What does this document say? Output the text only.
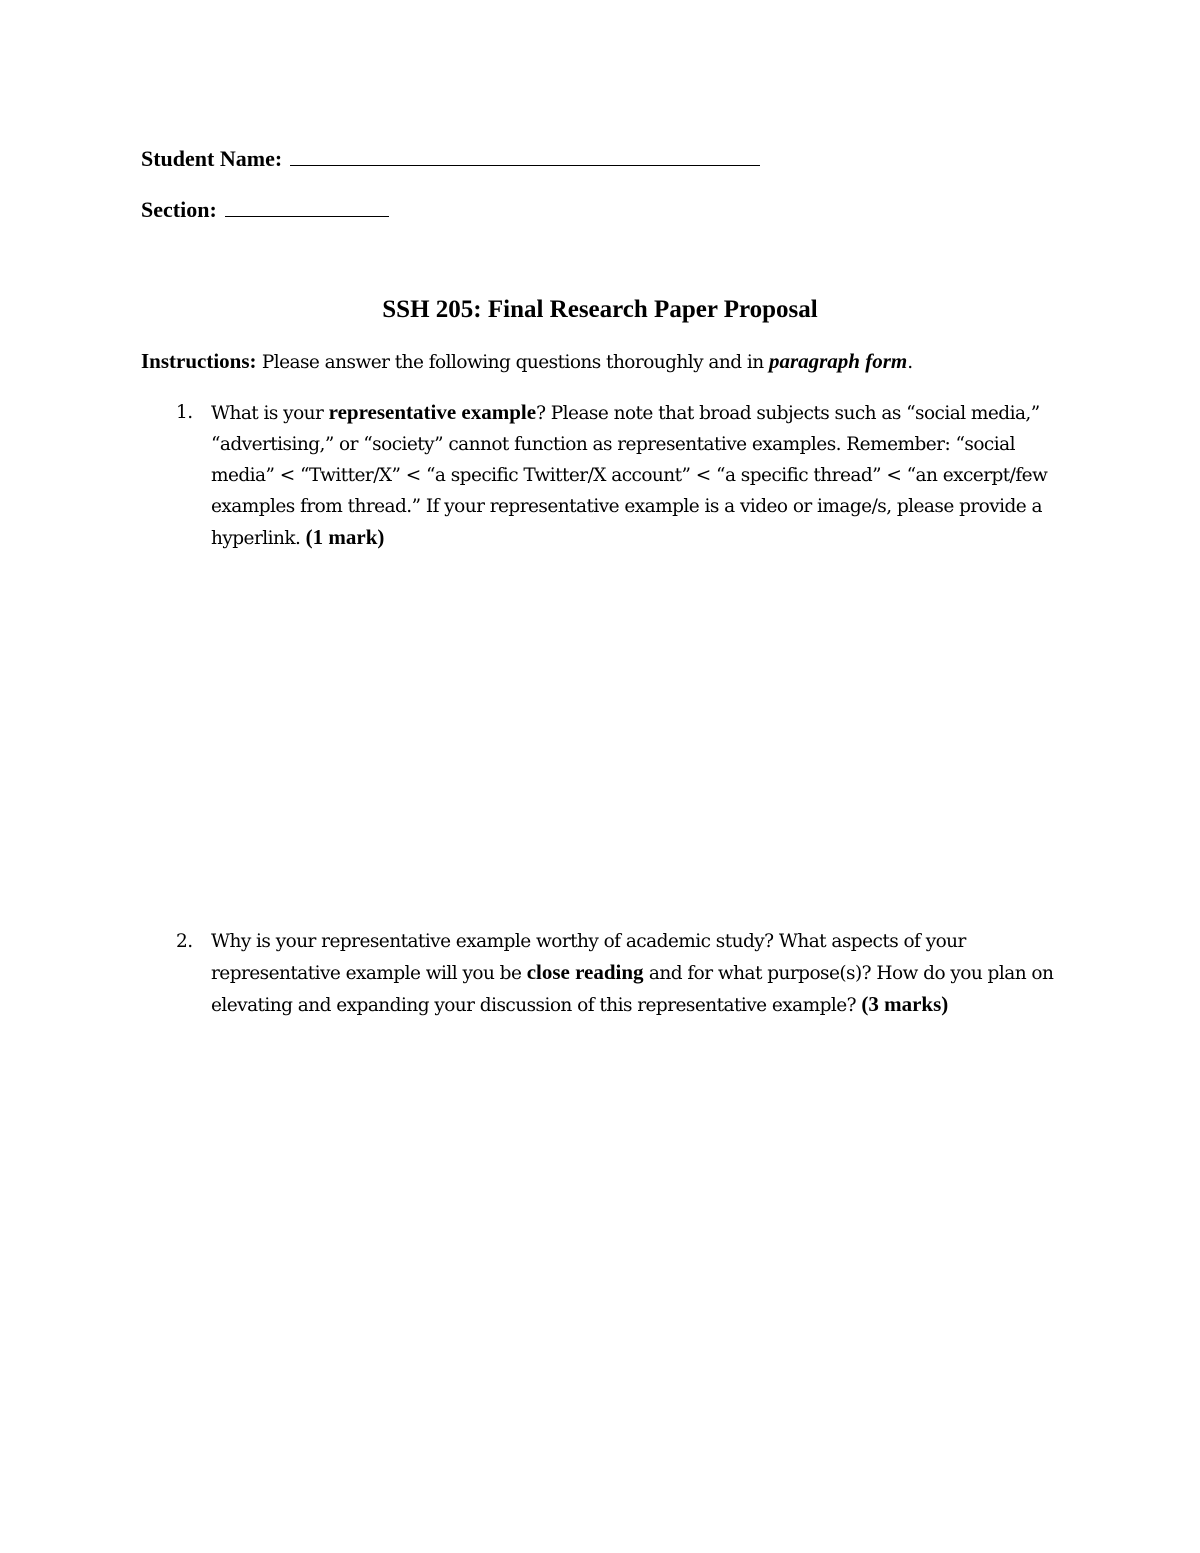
Student Name:
Section:
SSH 205: Final Research Paper Proposal
Instructions: Please answer the following questions thoroughly and in paragraph form.
1. What is your representative example? Please note that broad subjects such as “social media,” “advertising,” or “society” cannot function as representative examples. Remember: “social media” < “Twitter/X” < “a specific Twitter/X account” < “a specific thread” < “an excerpt/few examples from thread.” If your representative example is a video or image/s, please provide a hyperlink. (1 mark)
2. Why is your representative example worthy of academic study? What aspects of your representative example will you be close reading and for what purpose(s)? How do you plan on elevating and expanding your discussion of this representative example? (3 marks)
